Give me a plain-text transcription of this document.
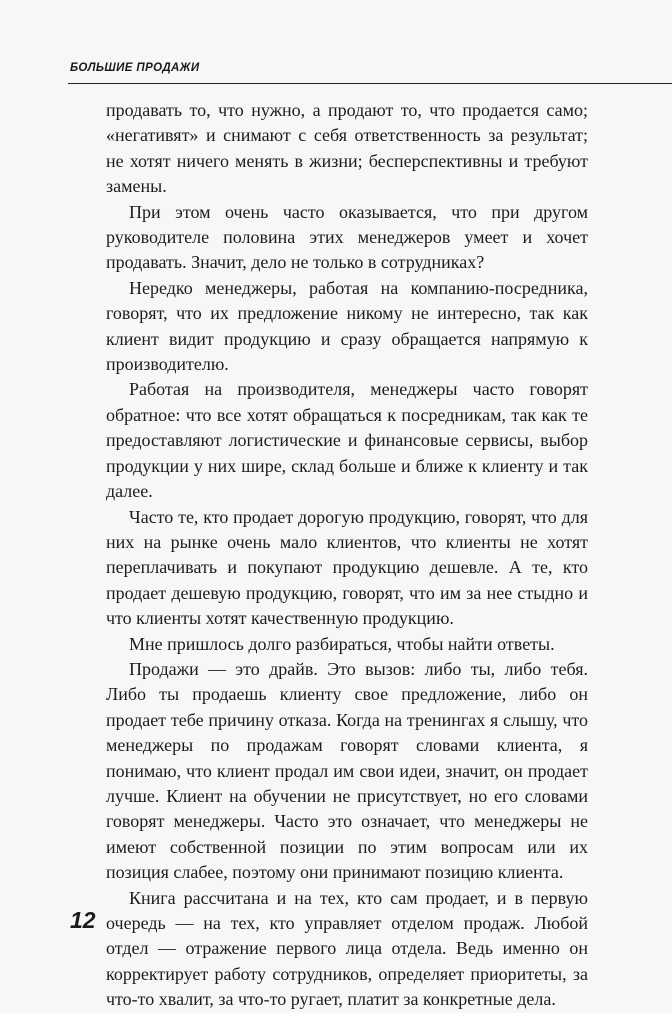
БОЛЬШИЕ ПРОДАЖИ

продавать то, что нужно, а продают то, что продается само; «негативят» и снимают с себя ответственность за результат; не хотят ничего менять в жизни; бесперспективны и требуют замены.

При этом очень часто оказывается, что при другом руководителе половина этих менеджеров умеет и хочет продавать. Значит, дело не только в сотрудниках?

Нередко менеджеры, работая на компанию-посредника, говорят, что их предложение никому не интересно, так как клиент видит продукцию и сразу обращается напрямую к производителю.

Работая на производителя, менеджеры часто говорят обратное: что все хотят обращаться к посредникам, так как те предоставляют логистические и финансовые сервисы, выбор продукции у них шире, склад больше и ближе к клиенту и так далее.

Часто те, кто продает дорогую продукцию, говорят, что для них на рынке очень мало клиентов, что клиенты не хотят переплачивать и покупают продукцию дешевле. А те, кто продает дешевую продукцию, говорят, что им за нее стыдно и что клиенты хотят качественную продукцию.

Мне пришлось долго разбираться, чтобы найти ответы.

Продажи — это драйв. Это вызов: либо ты, либо тебя. Либо ты продаешь клиенту свое предложение, либо он продает тебе причину отказа. Когда на тренингах я слышу, что менеджеры по продажам говорят словами клиента, я понимаю, что клиент продал им свои идеи, значит, он продает лучше. Клиент на обучении не присутствует, но его словами говорят менеджеры. Часто это означает, что менеджеры не имеют собственной позиции по этим вопросам или их позиция слабее, поэтому они принимают позицию клиента.

Книга рассчитана и на тех, кто сам продает, и в первую очередь — на тех, кто управляет отделом продаж. Любой отдел — отражение первого лица отдела. Ведь именно он корректирует работу сотрудников, определяет приоритеты, за что-то хвалит, за что-то ругает, платит за конкретные дела.

12
